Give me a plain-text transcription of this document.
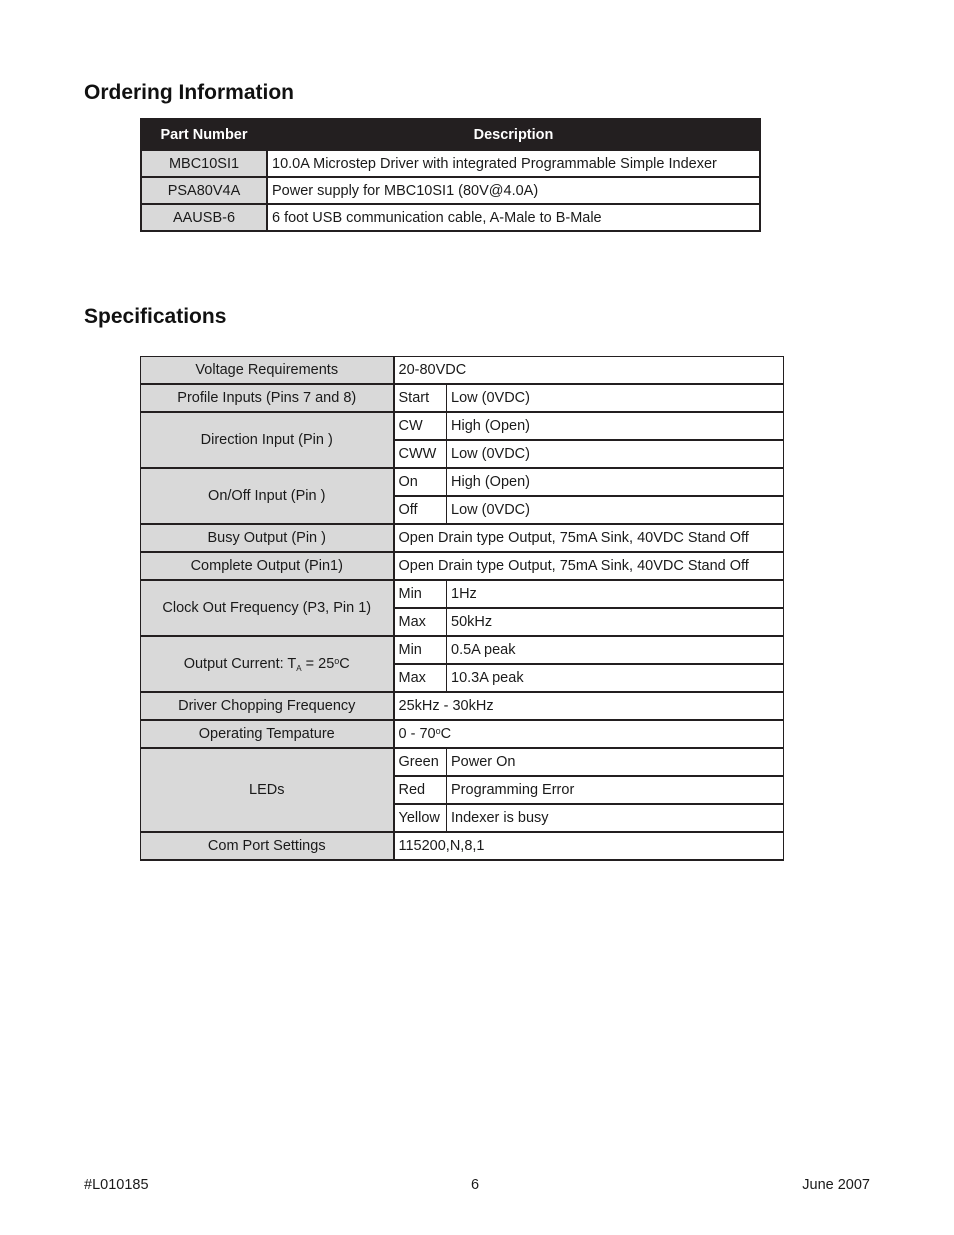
Ordering Information
Part Number	Description
MBC10SI1	10.0A Microstep Driver with integrated Programmable Simple Indexer
PSA80V4A	Power supply for MBC10SI1 (80V@4.0A)
AAUSB-6	6 foot USB communication cable, A-Male to B-Male
Specifications
Voltage Requirements	20-80VDC	
Profile Inputs (Pins 7 and 8)	Start	Low (0VDC)
Direction Input (Pin )	CW	High (Open)
	CWW	Low (0VDC)
On/Off Input (Pin )	On	High (Open)
	Off	Low (0VDC)
Busy Output (Pin )	Open Drain type Output, 75mA Sink, 40VDC Stand Off	
Complete Output (Pin1)	Open Drain type Output, 75mA Sink, 40VDC Stand Off	
Clock Out Frequency (P3, Pin 1)	Min	1Hz
	Max	50kHz
Output Current: $T_A = 25^oC$	Min	0.5A peak
	Max	10.3A peak
Driver Chopping Frequency	25kHz - 30kHz	
Operating Tempature	0 - 70$^o$C	
LEDs	Green	Power On
	Red	Programming Error
	Yellow	Indexer is busy
Com Port Settings	115200,N,8,1	

#L010185	6	June 2007
